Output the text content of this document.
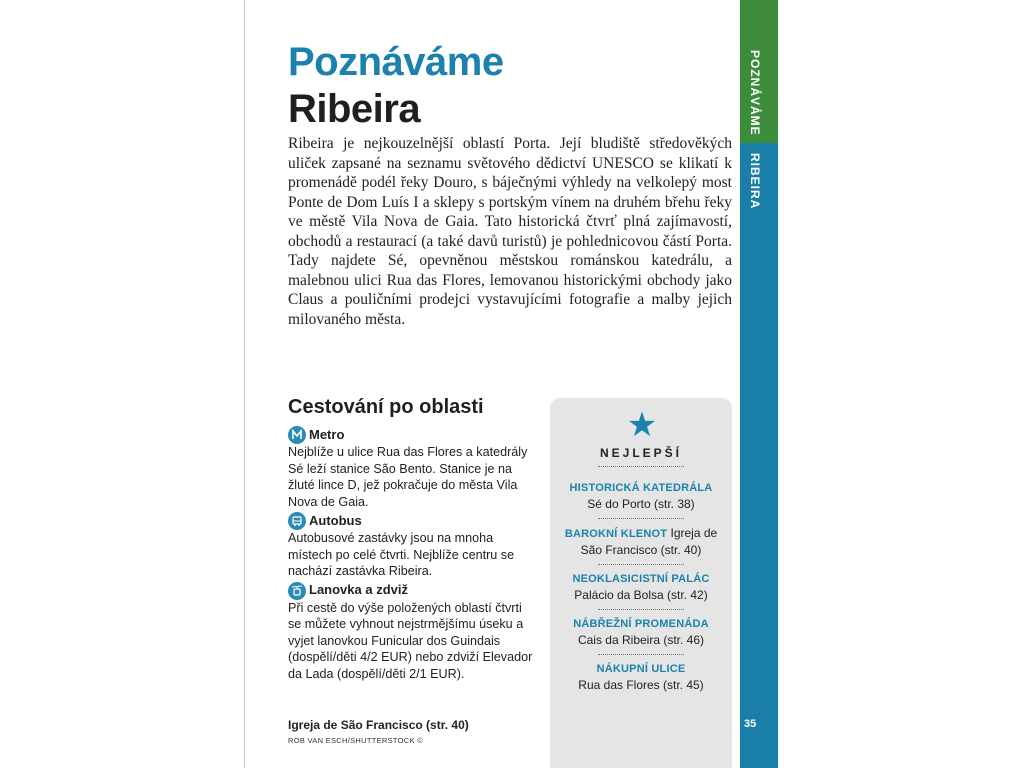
POZNÁVÁME
RIBEIRA
35
Poznáváme
Ribeira
Ribeira je nejkouzelnější oblastí Porta. Její bludiště středověkých uliček zapsané na seznamu světového dědictví UNESCO se klikatí k promenádě podél řeky Douro, s báječnými výhledy na velkolepý most Ponte de Dom Luís I a sklepy s portským vínem na druhém břehu řeky ve městě Vila Nova de Gaia. Tato historická čtvrť plná zajímavostí, obchodů a restaurací (a také davů turistů) je pohlednicovou částí Porta. Tady najdete Sé, opevněnou městskou románskou katedrálu, a malebnou ulici Rua das Flores, lemovanou historickými obchody jako Claus a pouličními prodejci vystavujícími fotografie a malby jejich milovaného města.
Cestování po oblasti
Metro
Nejblíže u ulice Rua das Flores a katedrály Sé leží stanice São Bento. Stanice je na žluté lince D, jež pokračuje do města Vila Nova de Gaia.
Autobus
Autobusové zastávky jsou na mnoha místech po celé čtvrti. Nejblíže centru se nachází zastávka Ribeira.
Lanovka a zdviž
Při cestě do výše položených oblastí čtvrti se můžete vyhnout nejstrmějšímu úseku a vyjet lanovkou Funicular dos Guindais (dospělí/děti 4/2 EUR) nebo zdviží Elevador da Lada (dospělí/děti 2/1 EUR).
Igreja de São Francisco (str. 40)
ROB VAN ESCH/SHUTTERSTOCK ©
★
NEJLEPŠÍ
HISTORICKÁ KATEDRÁLA
Sé do Porto (str. 38)
BAROKNÍ KLENOT Igreja de São Francisco (str. 40)
NEOKLASICISTNÍ PALÁC
Palácio da Bolsa (str. 42)
NÁBŘEŽNÍ PROMENÁDA
Cais da Ribeira (str. 46)
NÁKUPNÍ ULICE
Rua das Flores (str. 45)
